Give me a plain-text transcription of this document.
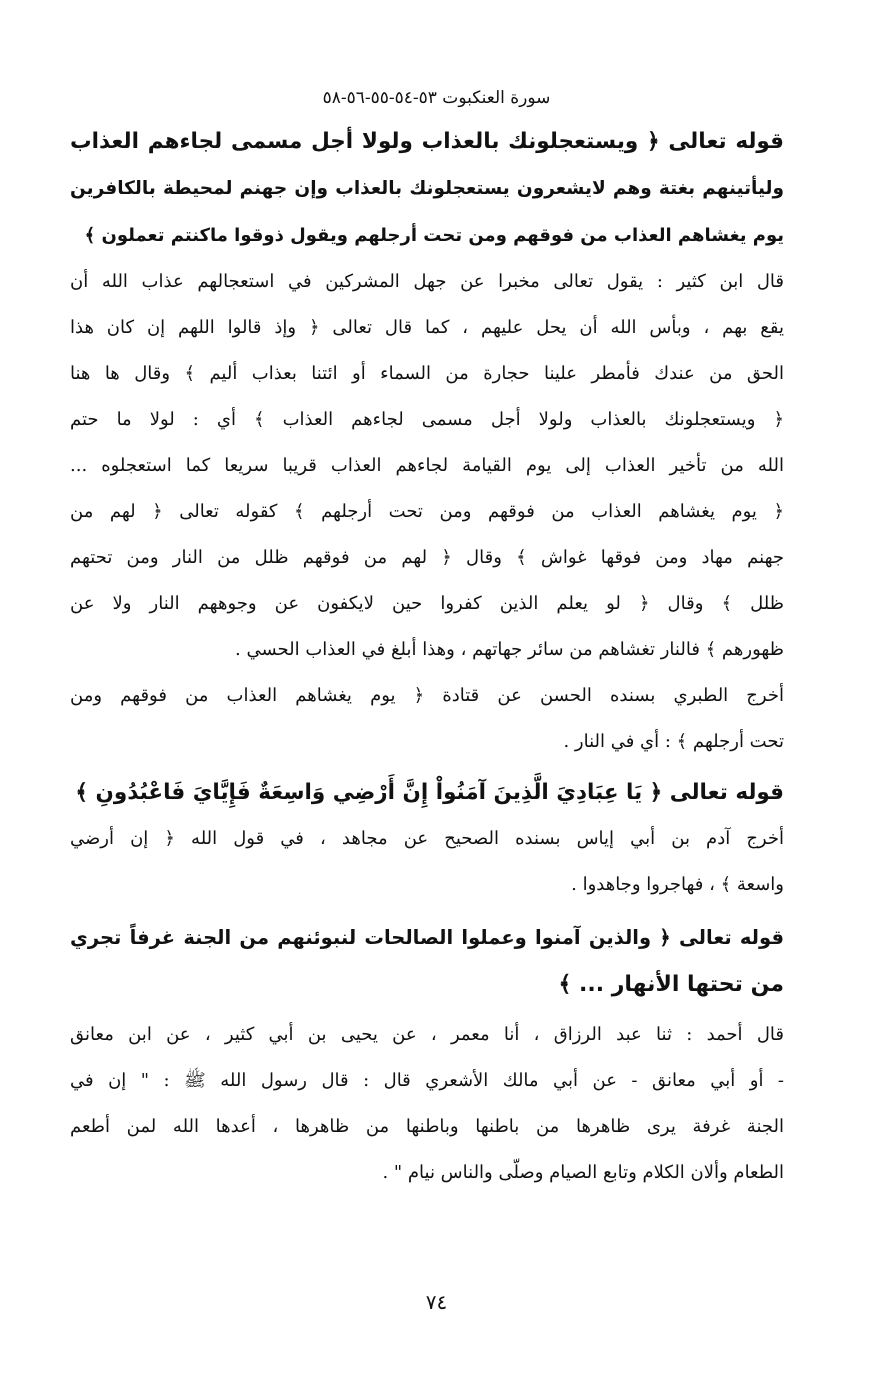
سورة العنكبوت ٥٣-٥٤-٥٥-٥٦-٥٨
قوله تعالى ﴿ ويستعجلونك بالعذاب ولولا أجل مسمى لجاءهم العذاب
وليأتينهم بغتة وهم لايشعرون يستعجلونك بالعذاب وإن جهنم لمحيطة بالكافرين
يوم يغشاهم العذاب من فوقهم ومن تحت أرجلهم ويقول ذوقوا ماكنتم تعملون ﴾
قال ابن كثير : يقول تعالى مخبرا عن جهل المشركين في استعجالهم عذاب الله أن
يقع بهم ، وبأس الله أن يحل عليهم ، كما قال تعالى ﴿ وإذ قالوا اللهم إن كان هذا
الحق من عندك فأمطر علينا حجارة من السماء أو ائتنا بعذاب أليم ﴾ وقال ها هنا
﴿ ويستعجلونك بالعذاب ولولا أجل مسمى لجاءهم العذاب ﴾ أي : لولا ما حتم
الله من تأخير العذاب إلى يوم القيامة لجاءهم العذاب قريبا سريعا كما استعجلوه ...
﴿ يوم يغشاهم العذاب من فوقهم ومن تحت أرجلهم ﴾ كقوله تعالى ﴿ لهم من
جهنم مهاد ومن فوقها غواش ﴾ وقال ﴿ لهم من فوقهم ظلل من النار ومن تحتهم
ظلل ﴾ وقال ﴿ لو يعلم الذين كفروا حين لايكفون عن وجوههم النار ولا عن
ظهورهم ﴾ فالنار تغشاهم من سائر جهاتهم ، وهذا أبلغ في العذاب الحسي .
أخرج الطبري بسنده الحسن عن قتادة ﴿ يوم يغشاهم العذاب من فوقهم ومن
تحت أرجلهم ﴾ : أي في النار .
قوله تعالى ﴿ يَا عِبَادِيَ الَّذِينَ آمَنُواْ إِنَّ أَرْضِي وَاسِعَةٌ فَإِيَّايَ فَاعْبُدُونِ ﴾
أخرج آدم بن أبي إياس بسنده الصحيح عن مجاهد ، في قول الله ﴿ إن أرضي
واسعة ﴾ ، فهاجروا وجاهدوا .
قوله تعالى ﴿ والذين آمنوا وعملوا الصالحات لنبوئنهم من الجنة غرفاً تجري
من تحتها الأنهار ... ﴾
قال أحمد : ثنا عبد الرزاق ، أنا معمر ، عن يحيى بن أبي كثير ، عن ابن معانق
- أو أبي معانق - عن أبي مالك الأشعري قال : قال رسول الله ﷺ : " إن في
الجنة غرفة يرى ظاهرها من باطنها وباطنها من ظاهرها ، أعدها الله لمن أطعم
الطعام وألان الكلام وتابع الصيام وصلّى والناس نيام " .
٧٤
